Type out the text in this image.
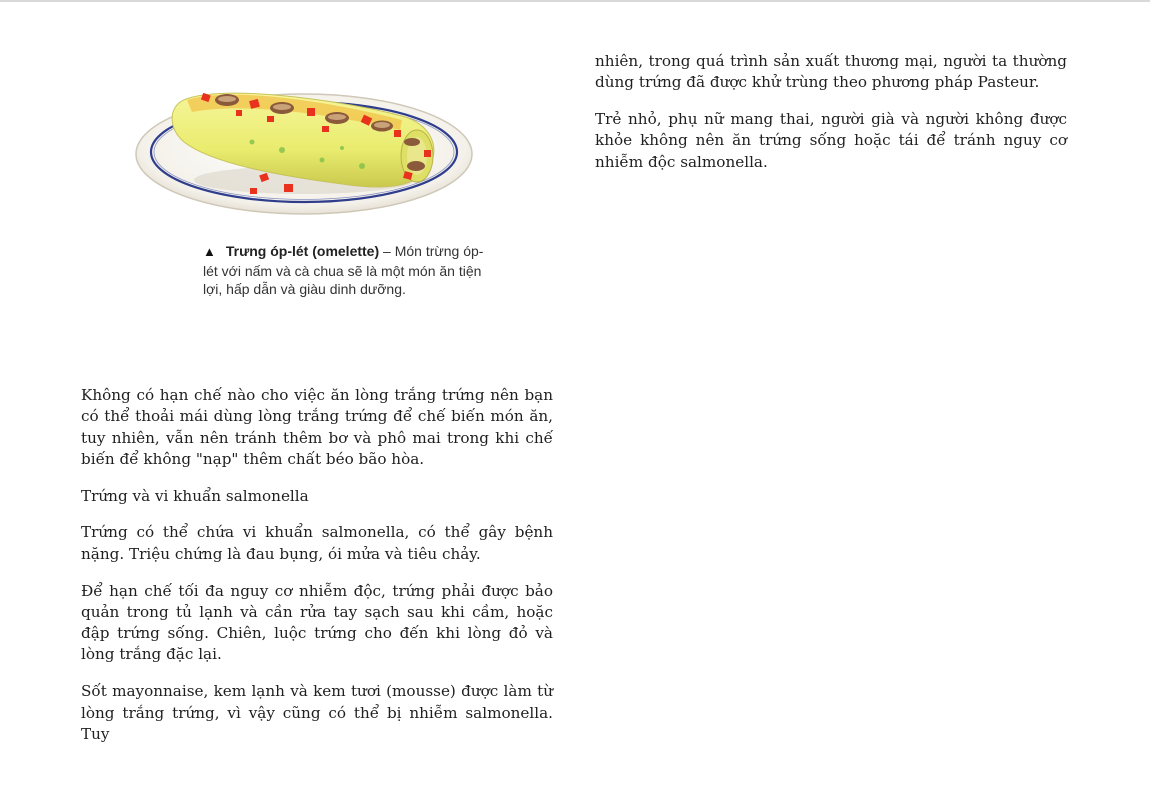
▲ Trưng óp-lét (omelette) – Món trừng óp-lét với nấm và cà chua sẽ là một món ăn tiện lợi, hấp dẫn và giàu dinh dưỡng.

Không có hạn chế nào cho việc ăn lòng trắng trứng nên bạn có thể thoải mái dùng lòng trắng trứng để chế biến món ăn, tuy nhiên, vẫn nên tránh thêm bơ và phô mai trong khi chế biến để không "nạp" thêm chất béo bão hòa.

Trứng và vi khuẩn salmonella

Trứng có thể chứa vi khuẩn salmonella, có thể gây bệnh nặng. Triệu chứng là đau bụng, ói mửa và tiêu chảy.

Để hạn chế tối đa nguy cơ nhiễm độc, trứng phải được bảo quản trong tủ lạnh và cần rửa tay sạch sau khi cầm, hoặc đập trứng sống. Chiên, luộc trứng cho đến khi lòng đỏ và lòng trắng đặc lại.

Sốt mayonnaise, kem lạnh và kem tươi (mousse) được làm từ lòng trắng trứng, vì vậy cũng có thể bị nhiễm salmonella. Tuy

nhiên, trong quá trình sản xuất thương mại, người ta thường dùng trứng đã được khử trùng theo phương pháp Pasteur.

Trẻ nhỏ, phụ nữ mang thai, người già và người không được khỏe không nên ăn trứng sống hoặc tái để tránh nguy cơ nhiễm độc salmonella.
